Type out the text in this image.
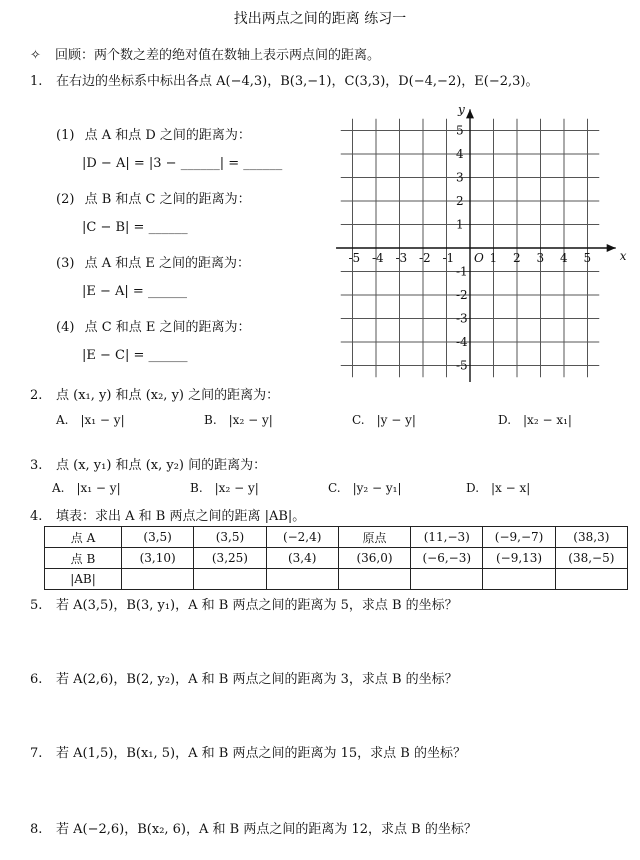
找出两点之间的距离 练习一
✧ 回顾：两个数之差的绝对值在数轴上表示两点间的距离。
1. 在右边的坐标系中标出各点 A(−4,3)，B(3,−1)，C(3,3)，D(−4,−2)，E(−2,3)。
(1) 点 A 和点 D 之间的距离为：
|D − A| = |3 − ______| = ______
(2) 点 B 和点 C 之间的距离为：
|C − B| = ______
(3) 点 A 和点 E 之间的距离为：
|E − A| = ______
(4) 点 C 和点 E 之间的距离为：
|E − C| = ______
x
y
O
-5 -4 -3 -2 -1	1 2 3 4 5
5
4
3
2
1
-1
-2
-3
-4
-5
2. 点 (x₁, y) 和点 (x₂, y) 之间的距离为：
A. |x₁ − y|	B. |x₂ − y|	C. |y − y|	D. |x₂ − x₁|
3. 点 (x, y₁) 和点 (x, y₂) 间的距离为：
A. |x₁ − y|	B. |x₂ − y|	C. |y₂ − y₁|	D. |x − x|
4. 填表：求出 A 和 B 两点之间的距离 |AB|。
点 A	(3,5)	(3,5)	(−2,4)	原点	(11,−3)	(−9,−7)	(38,3)
点 B	(3,10)	(3,25)	(3,4)	(36,0)	(−6,−3)	(−9,13)	(38,−5)
|AB|							
5. 若 A(3,5)，B(3, y₁)，A 和 B 两点之间的距离为 5，求点 B 的坐标？
6. 若 A(2,6)，B(2, y₂)，A 和 B 两点之间的距离为 3，求点 B 的坐标？
7. 若 A(1,5)，B(x₁, 5)，A 和 B 两点之间的距离为 15，求点 B 的坐标？
8. 若 A(−2,6)，B(x₂, 6)，A 和 B 两点之间的距离为 12，求点 B 的坐标？
